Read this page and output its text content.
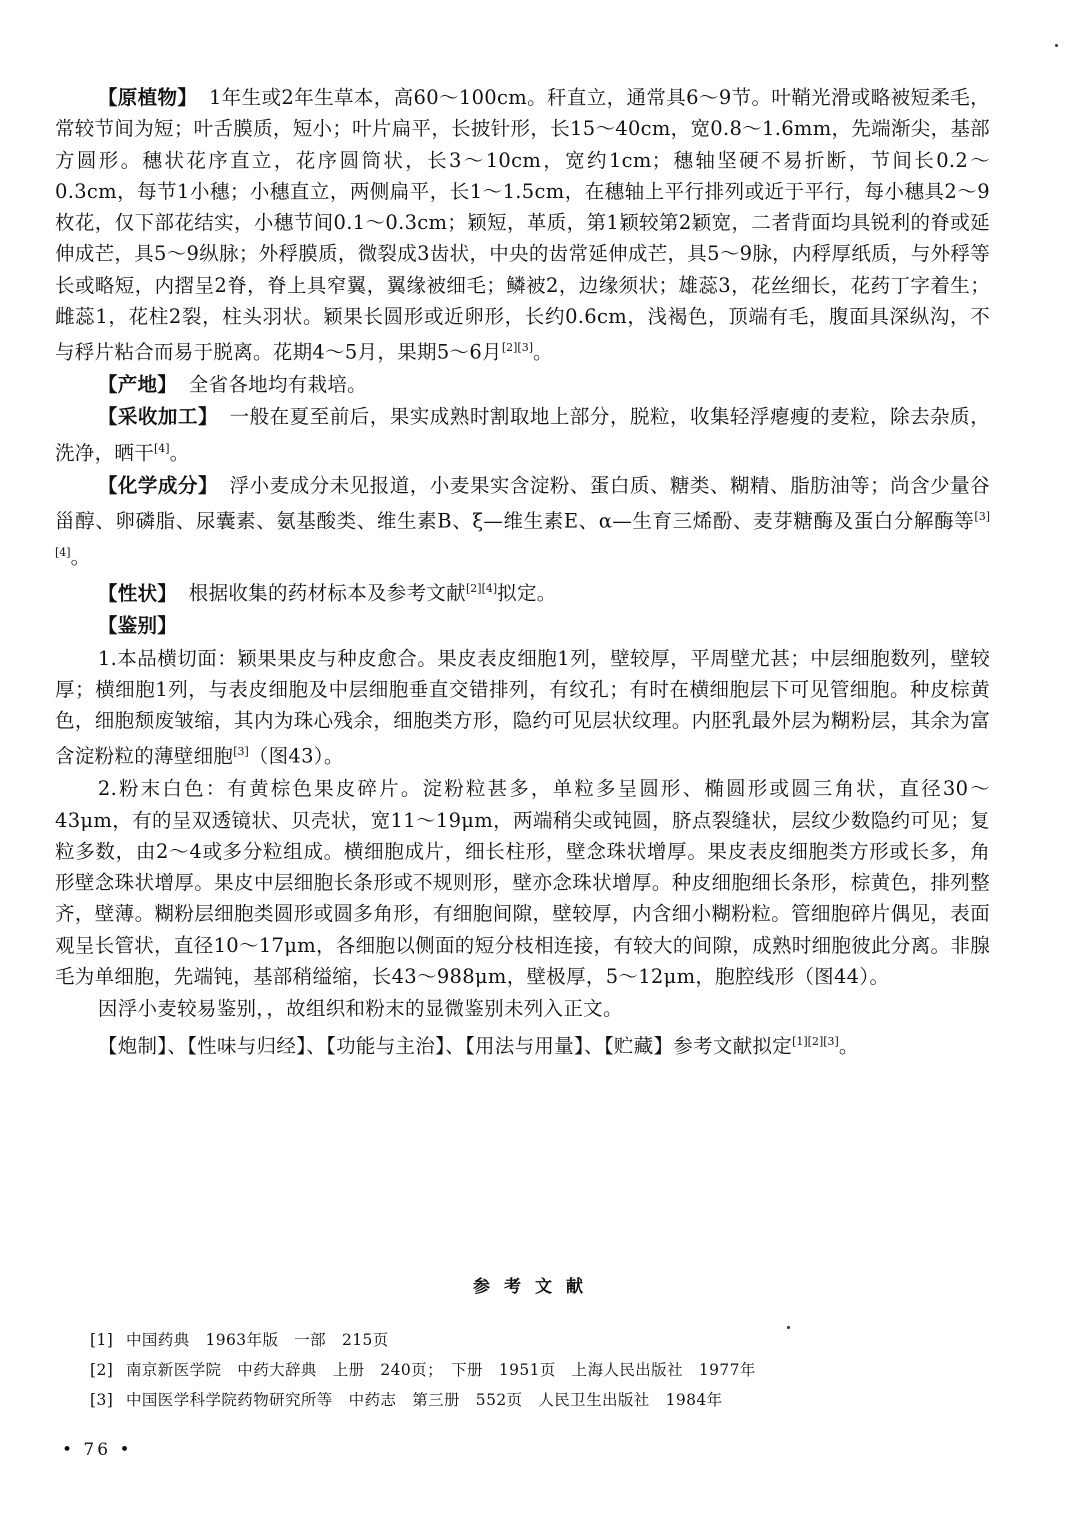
【原植物】 1年生或2年生草本，高60～100cm。秆直立，通常具6～9节。叶鞘光滑或略被短柔毛，常较节间为短；叶舌膜质，短小；叶片扁平，长披针形，长15～40cm，宽0.8～1.6mm，先端渐尖，基部方圆形。穗状花序直立，花序圆筒状，长3～10cm，宽约1cm；穗轴坚硬不易折断，节间长0.2～0.3cm，每节1小穗；小穗直立，两侧扁平，长1～1.5cm，在穗轴上平行排列或近于平行，每小穗具2～9枚花，仅下部花结实，小穗节间0.1～0.3cm；颖短，革质，第1颖较第2颖宽，二者背面均具锐利的脊或延伸成芒，具5～9纵脉；外稃膜质，微裂成3齿状，中央的齿常延伸成芒，具5～9脉，内稃厚纸质，与外稃等长或略短，内摺呈2脊，脊上具窄翼，翼缘被细毛；鳞被2，边缘须状；雄蕊3，花丝细长，花药丁字着生；雌蕊1，花柱2裂，柱头羽状。颖果长圆形或近卵形，长约0.6cm，浅褐色，顶端有毛，腹面具深纵沟，不与稃片粘合而易于脱离。花期4～5月，果期5～6月[2][3]。

【产地】 全省各地均有栽培。

【采收加工】 一般在夏至前后，果实成熟时割取地上部分，脱粒，收集轻浮瘪瘦的麦粒，除去杂质，洗净，晒干[4]。

【化学成分】 浮小麦成分未见报道，小麦果实含淀粉、蛋白质、糖类、糊精、脂肪油等；尚含少量谷甾醇、卵磷脂、尿囊素、氨基酸类、维生素B、ξ—维生素E、α—生育三烯酚、麦芽糖酶及蛋白分解酶等[3][4]。

【性状】 根据收集的药材标本及参考文献[2][4]拟定。

【鉴别】

1.本品横切面：颖果果皮与种皮愈合。果皮表皮细胞1列，壁较厚，平周壁尤甚；中层细胞数列，壁较厚；横细胞1列，与表皮细胞及中层细胞垂直交错排列，有纹孔；有时在横细胞层下可见管细胞。种皮棕黄色，细胞颓废皱缩，其内为珠心残余，细胞类方形，隐约可见层状纹理。内胚乳最外层为糊粉层，其余为富含淀粉粒的薄壁细胞[3]（图43）。

2.粉末白色：有黄棕色果皮碎片。淀粉粒甚多，单粒多呈圆形、椭圆形或圆三角状，直径30～43μm，有的呈双透镜状、贝壳状，宽11～19μm，两端稍尖或钝圆，脐点裂缝状，层纹少数隐约可见；复粒多数，由2～4或多分粒组成。横细胞成片，细长柱形，壁念珠状增厚。果皮表皮细胞类方形或长多，角形壁念珠状增厚。果皮中层细胞长条形或不规则形，壁亦念珠状增厚。种皮细胞细长条形，棕黄色，排列整齐，壁薄。糊粉层细胞类圆形或圆多角形，有细胞间隙，壁较厚，内含细小糊粉粒。管细胞碎片偶见，表面观呈长管状，直径10～17μm，各细胞以侧面的短分枝相连接，有较大的间隙，成熟时细胞彼此分离。非腺毛为单细胞，先端钝，基部稍缢缩，长43～988μm，壁极厚，5～12μm，胞腔线形（图44）。

因浮小麦较易鉴别，，故组织和粉末的显微鉴别未列入正文。

【炮制】、【性味与归经】、【功能与主治】、【用法与用量】、【贮藏】参考文献拟定[1][2][3]。

参考文献
[1] 中国药典　1963年版　一部　215页
[2] 南京新医学院　中药大辞典　上册　240页；　下册　1951页　上海人民出版社　1977年
[3] 中国医学科学院药物研究所等　中药志　第三册　552页　人民卫生出版社　1984年
• 76 •
